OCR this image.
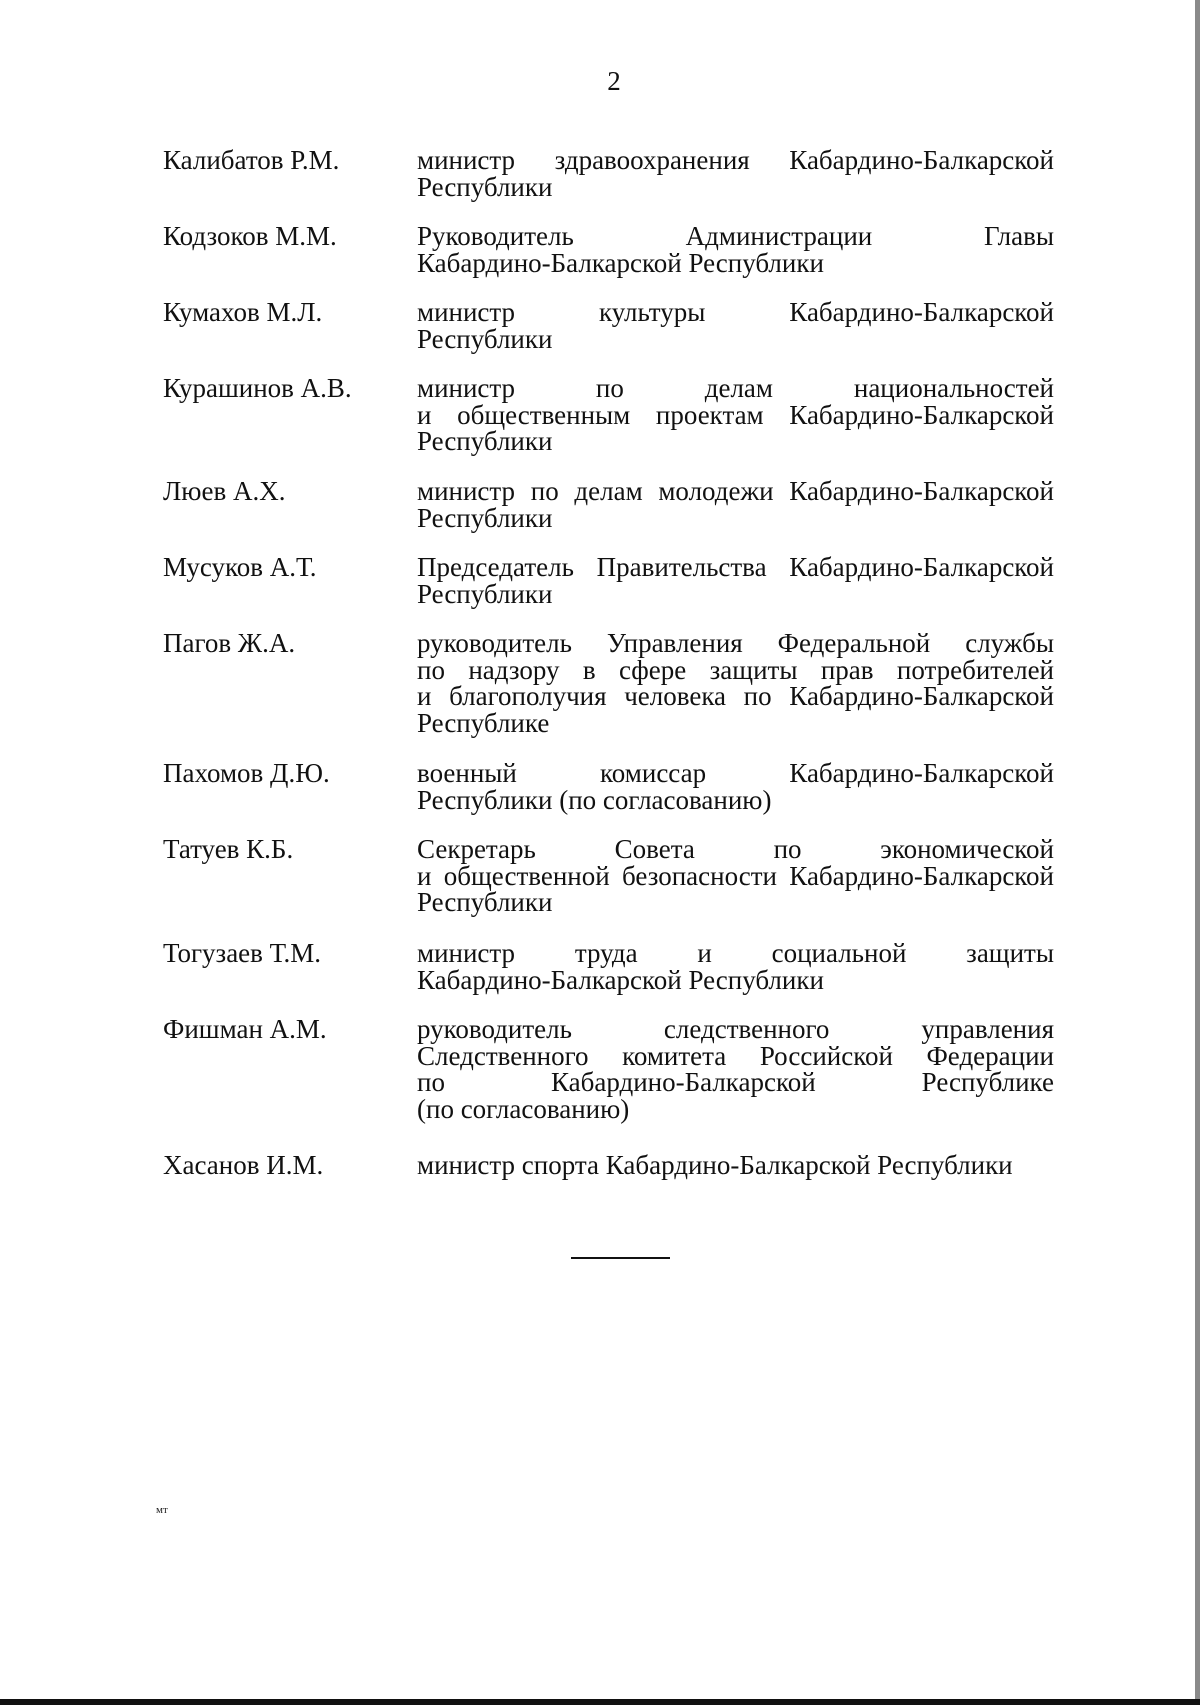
2
Калибатов Р.М.	министр здравоохранения Кабардино-Балкарской
Республики
Кодзоков М.М.	Руководитель Администрации Главы
Кабардино-Балкарской Республики
Кумахов М.Л.	министр культуры Кабардино-Балкарской
Республики
Курашинов А.В.	министр по делам национальностей
и общественным проектам Кабардино-Балкарской
Республики
Люев А.Х.	министр по делам молодежи Кабардино-Балкарской
Республики
Мусуков А.Т.	Председатель Правительства Кабардино-Балкарской
Республики
Пагов Ж.А.	руководитель Управления Федеральной службы
по надзору в сфере защиты прав потребителей
и благополучия человека по Кабардино-Балкарской
Республике
Пахомов Д.Ю.	военный комиссар Кабардино-Балкарской
Республики (по согласованию)
Татуев К.Б.	Секретарь Совета по экономической
и общественной безопасности Кабардино-Балкарской
Республики
Тогузаев Т.М.	министр труда и социальной защиты
Кабардино-Балкарской Республики
Фишман А.М.	руководитель следственного управления
Следственного комитета Российской Федерации
по Кабардино-Балкарской Республике
(по согласованию)
Хасанов И.М.	министр спорта Кабардино-Балкарской Республики
мт
